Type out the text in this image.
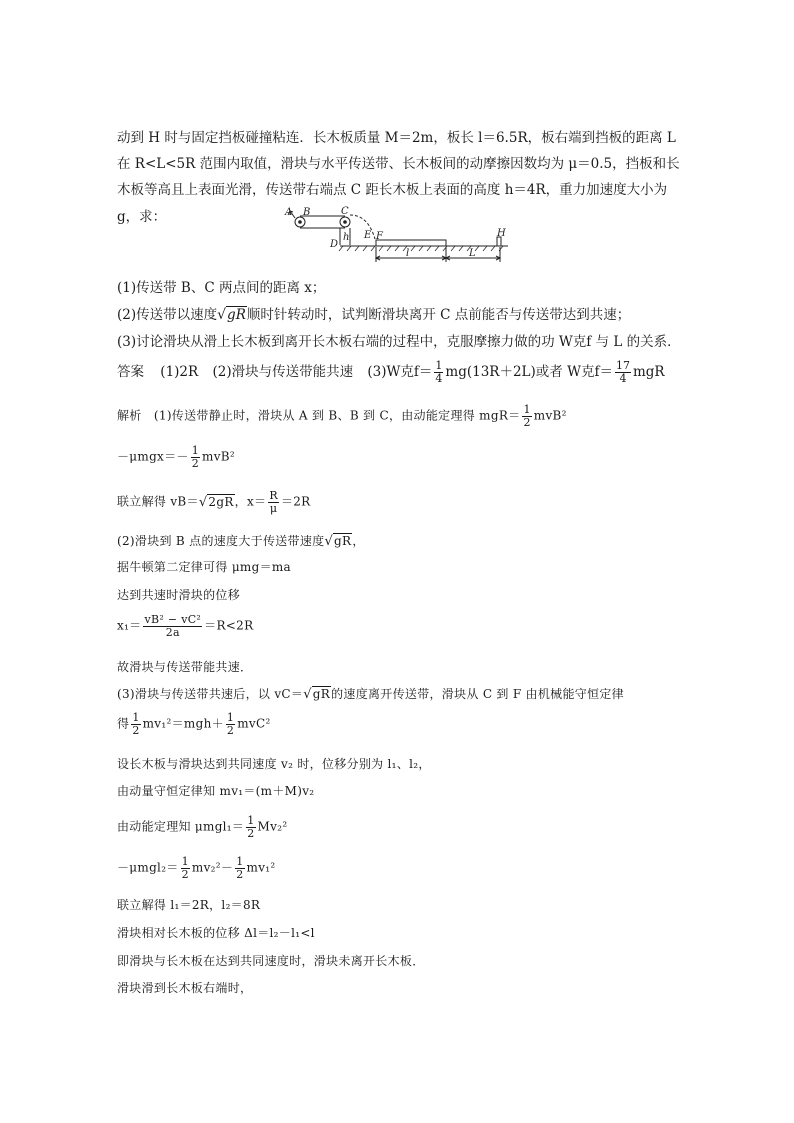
动到 H 时与固定挡板碰撞粘连．长木板质量 M＝2m，板长 l＝6.5R，板右端到挡板的距离 L
在 R<L<5R 范围内取值，滑块与水平传送带、长木板间的动摩擦因数均为 μ＝0.5，挡板和长
木板等高且上表面光滑，传送带右端点 C 距长木板上表面的高度 h＝4R，重力加速度大小为
g，求：	A B	C
D
E F	H
h
l	L
(1)传送带 B、C 两点间的距离 x；
(2)传送带以速度√gR顺时针转动时，试判断滑块离开 C 点前能否与传送带达到共速；
(3)讨论滑块从滑上长木板到离开长木板右端的过程中，克服摩擦力做的功 W克f 与 L 的关系．
答案 (1)2R (2)滑块与传送带能共速 (3)W克$f= \frac{1}{4} mg(13R+2L)$或者 W克$f= \frac{17}{4}$ mgR
解析　(1)传送带静止时，滑块从 A 到 B、B 到 C，由动能定理得 $mgR= \frac{1}{2} mvB^2$
$-\mu mgx=- \frac{1}{2} mvB^2$
联立解得 vB＝√2gR，$x= \frac{R}{\mu} =2R$
(2)滑块到 B 点的速度大于传送带速度√gR，
据牛顿第二定律可得 μmg＝ma
达到共速时滑块的位移
$x_1= \frac{\text{vB² − vC²}}{2a} =R<2R$
故滑块与传送带能共速．
(3)滑块与传送带共速后，以 vC＝√gR的速度离开传送带，滑块从 C 到 F 由机械能守恒定律
得 $\frac{1}{2} mv_1^2=mgh+ \frac{1}{2} mvC^2$
设长木板与滑块达到共同速度 v₂ 时，位移分别为 l₁、l₂，
由动量守恒定律知 mv₁＝(m＋M)v₂
由动能定理知 $\mu mgl_1= \frac{1}{2} Mv_2^2$
$-\mu mgl_2= \frac{1}{2} mv_2^2- \frac{1}{2} mv_1^2$
联立解得 l₁＝2R，l₂＝8R
滑块相对长木板的位移 Δl＝l₂－l₁<l
即滑块与长木板在达到共同速度时，滑块未离开长木板．
滑块滑到长木板右端时，
